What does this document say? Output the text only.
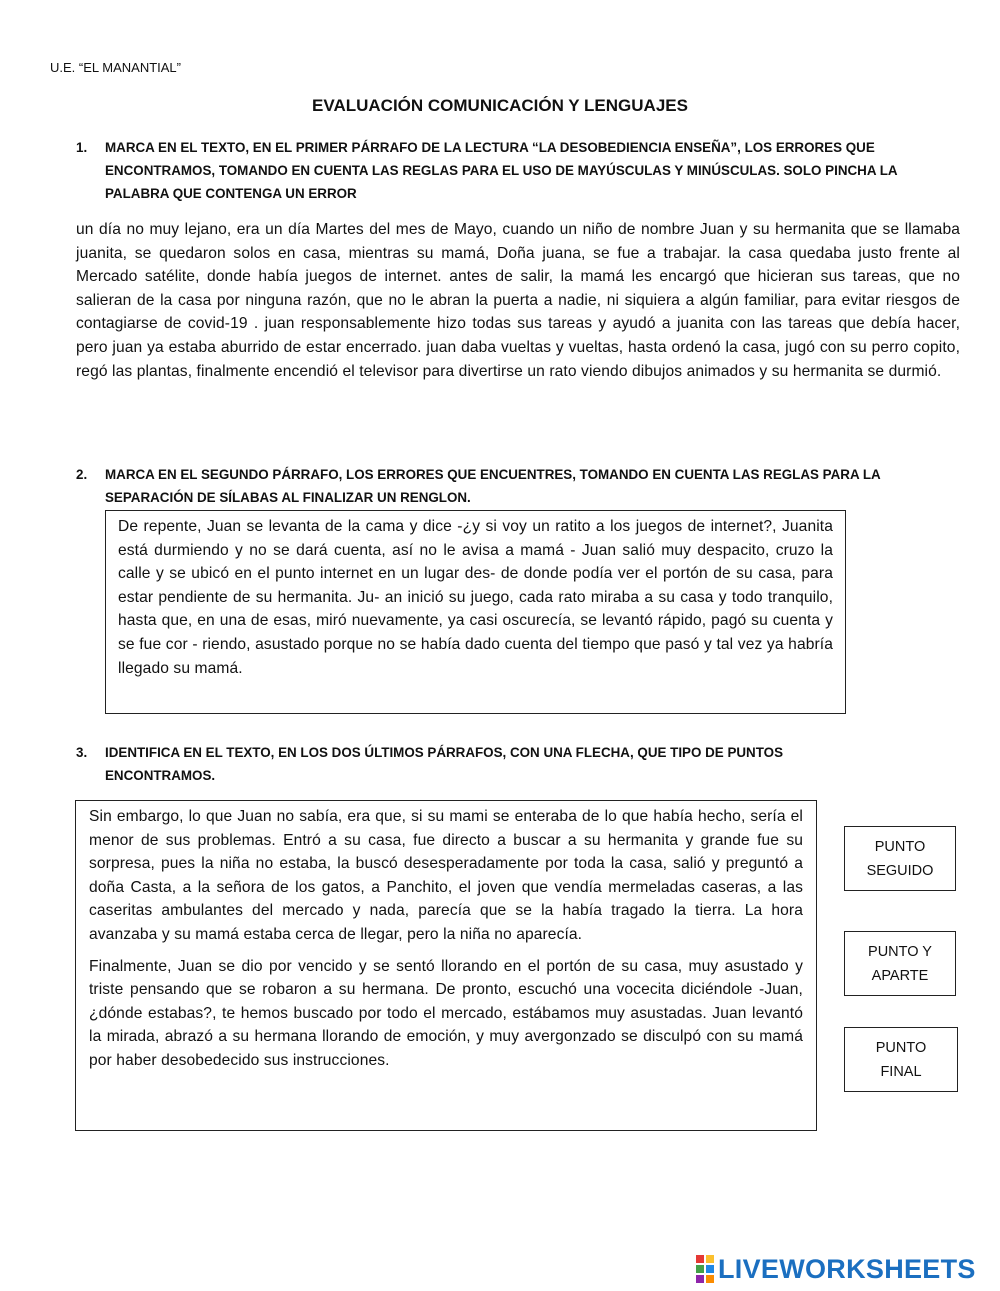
U.E. “EL MANANTIAL”
EVALUACIÓN COMUNICACIÓN Y LENGUAJES
1. MARCA EN EL TEXTO, EN EL PRIMER PÁRRAFO DE LA LECTURA “LA DESOBEDIENCIA ENSEÑA”, LOS ERRORES QUE ENCONTRAMOS, TOMANDO EN CUENTA LAS REGLAS PARA EL USO DE MAYÚSCULAS Y MINÚSCULAS. SOLO PINCHA LA PALABRA QUE CONTENGA UN ERROR
un día no muy lejano, era un día Martes del mes de Mayo, cuando un niño de nombre Juan y su hermanita que se llamaba juanita, se quedaron solos en casa, mientras su mamá, Doña juana, se fue a trabajar. la casa quedaba justo frente al Mercado satélite, donde había juegos de internet. antes de salir, la mamá les encargó que hicieran sus tareas, que no salieran de la casa por ninguna razón, que no le abran la puerta a nadie, ni siquiera a algún familiar, para evitar riesgos de contagiarse de covid-19 . juan responsablemente hizo todas sus tareas y ayudó a juanita con las tareas que debía hacer, pero juan ya estaba aburrido de estar encerrado. juan daba vueltas y vueltas, hasta ordenó la casa, jugó con su perro copito, regó las plantas, finalmente encendió el televisor para divertirse un rato viendo dibujos animados y su hermanita se durmió.
2. MARCA EN EL SEGUNDO PÁRRAFO, LOS ERRORES QUE ENCUENTRES, TOMANDO EN CUENTA LAS REGLAS PARA LA SEPARACIÓN DE SÍLABAS AL FINALIZAR UN RENGLON.
De repente, Juan se levanta de la cama y dice -¿y si voy un ratito a los juegos de internet?, Juanita está durmiendo y no se dará cuenta, así no le avisa a mamá - Juan salió muy despacito, cruzo la calle y se ubicó en el punto internet en un lugar des- de donde podía ver el portón de su casa, para estar pendiente de su hermanita. Ju- an inició su juego, cada rato miraba a su casa y todo tranquilo, hasta que, en una de esas, miró nuevamente, ya casi oscurecía, se levantó rápido, pagó su cuenta y se fue cor - riendo, asustado porque no se había dado cuenta del tiempo que pasó y tal vez ya habría llegado su mamá.
3. IDENTIFICA EN EL TEXTO, EN LOS DOS ÚLTIMOS PÁRRAFOS, CON UNA FLECHA, QUE TIPO DE PUNTOS ENCONTRAMOS.
Sin embargo, lo que Juan no sabía, era que, si su mami se enteraba de lo que había hecho, sería el menor de sus problemas. Entró a su casa, fue directo a buscar a su hermanita y grande fue su sorpresa, pues la niña no estaba, la buscó desesperadamente por toda la casa, salió y preguntó a doña Casta, a la señora de los gatos, a Panchito, el joven que vendía mermeladas caseras, a las caseritas ambulantes del mercado y nada, parecía que se la había tragado la tierra. La hora avanzaba y su mamá estaba cerca de llegar, pero la niña no aparecía.
Finalmente, Juan se dio por vencido y se sentó llorando en el portón de su casa, muy asustado y triste pensando que se robaron a su hermana. De pronto, escuchó una vocecita diciéndole -Juan, ¿dónde estabas?, te hemos buscado por todo el mercado, estábamos muy asustadas. Juan levantó la mirada, abrazó a su hermana llorando de emoción, y muy avergonzado se disculpó con su mamá por haber desobedecido sus instrucciones.
PUNTO
SEGUIDO
PUNTO Y
APARTE
PUNTO
FINAL
LIVEWORKSHEETS
